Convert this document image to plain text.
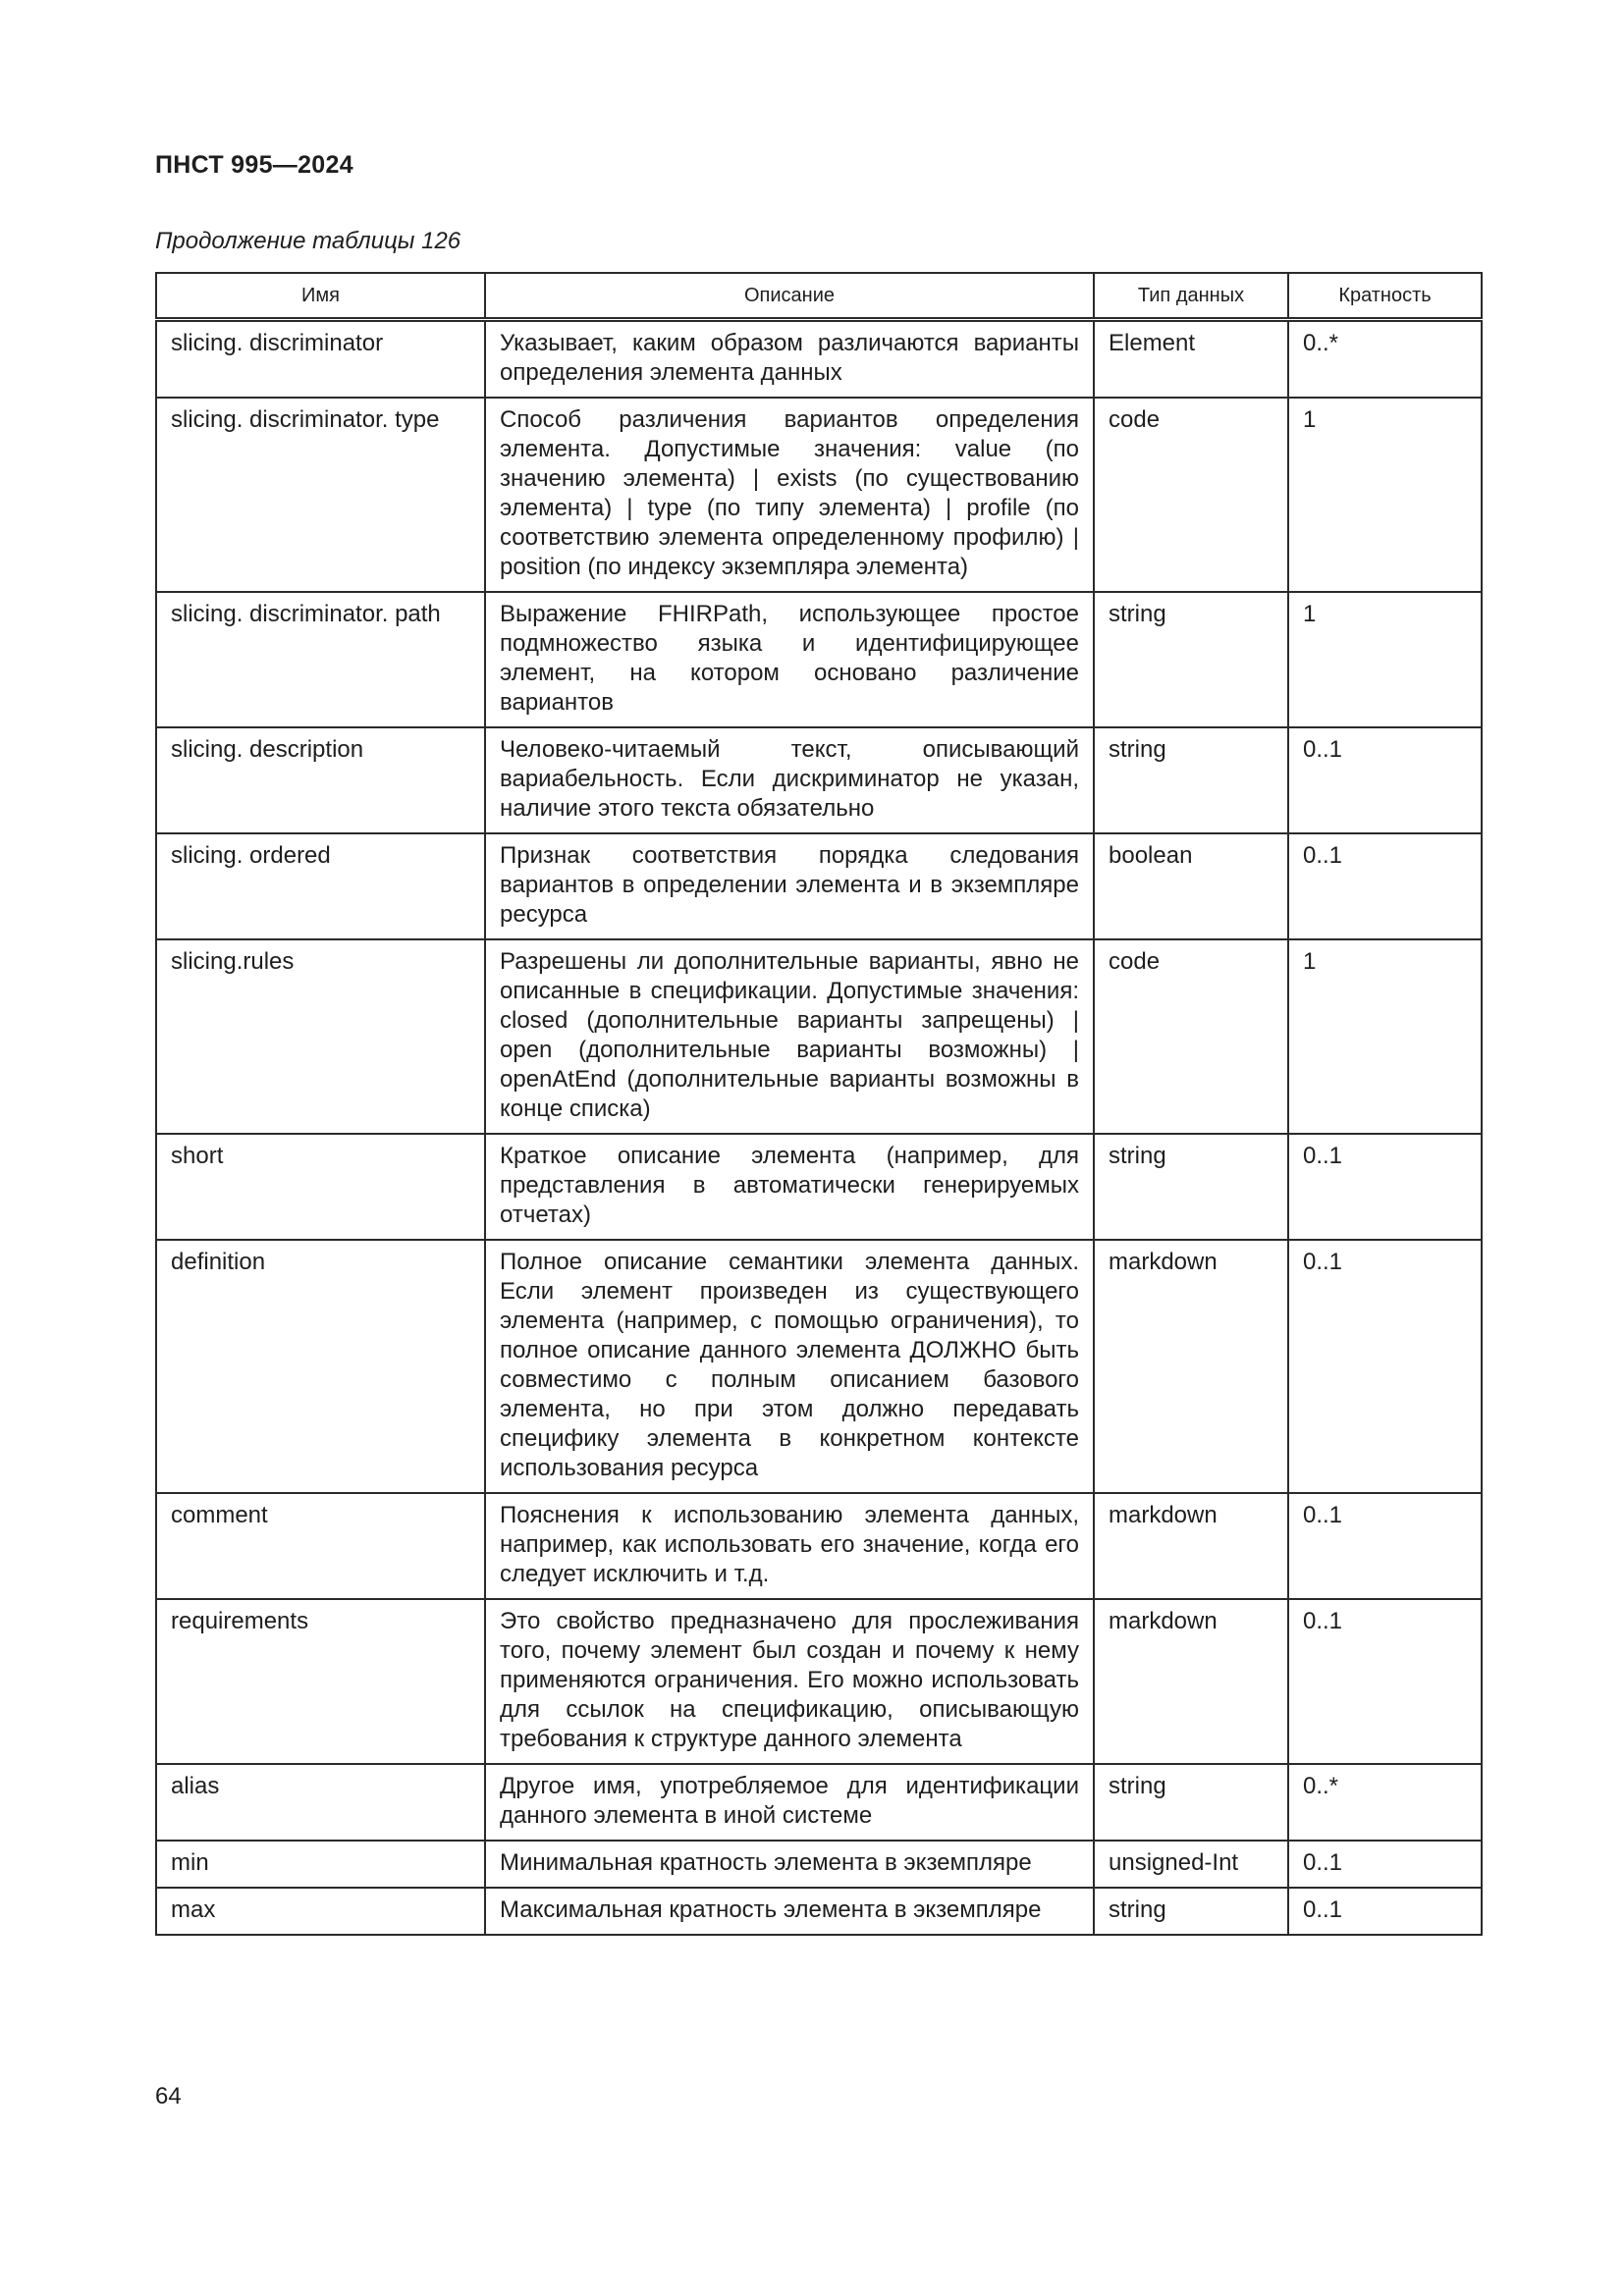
ПНСТ 995—2024
Продолжение таблицы 126
Имя	Описание	Тип данных	Кратность
slicing. discriminator	Указывает, каким образом различаются варианты определения элемента данных	Element	0..*
slicing. discriminator. type	Способ различения вариантов определения элемента. Допустимые значения: value (по значению элемента) | exists (по существованию элемента) | type (по типу элемента) | profile (по соответствию элемента определенному профилю) | position (по индексу экземпляра элемента)	code	1
slicing. discriminator. path	Выражение FHIRPath, использующее простое подмножество языка и идентифицирующее элемент, на котором основано различение вариантов	string	1
slicing. description	Человеко-читаемый текст, описывающий вариабельность. Если дискриминатор не указан, наличие этого текста обязательно	string	0..1
slicing. ordered	Признак соответствия порядка следования вариантов в определении элемента и в экземпляре ресурса	boolean	0..1
slicing.rules	Разрешены ли дополнительные варианты, явно не описанные в спецификации. Допустимые значения: closed (дополнительные варианты запрещены) | open (дополнительные варианты возможны) | openAtEnd (дополнительные варианты возможны в конце списка)	code	1
short	Краткое описание элемента (например, для представления в автоматически генерируемых отчетах)	string	0..1
definition	Полное описание семантики элемента данных. Если элемент произведен из существующего элемента (например, с помощью ограничения), то полное описание данного элемента ДОЛЖНО быть совместимо с полным описанием базового элемента, но при этом должно передавать специфику элемента в конкретном контексте использования ресурса	markdown	0..1
comment	Пояснения к использованию элемента данных, например, как использовать его значение, когда его следует исключить и т.д.	markdown	0..1
requirements	Это свойство предназначено для прослеживания того, почему элемент был создан и почему к нему применяются ограничения. Его можно использовать для ссылок на спецификацию, описывающую требования к структуре данного элемента	markdown	0..1
alias	Другое имя, употребляемое для идентификации данного элемента в иной системе	string	0..*
min	Минимальная кратность элемента в экземпляре	unsigned-Int	0..1
max	Максимальная кратность элемента в экземпляре	string	0..1
64
